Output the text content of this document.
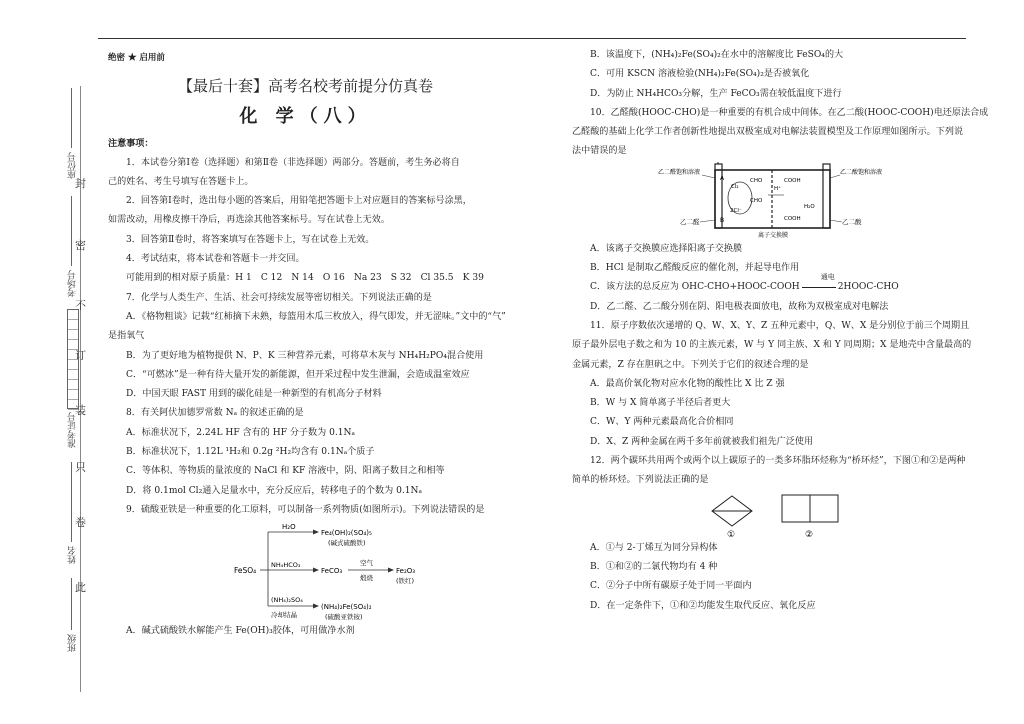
封
密
不
订
装
只
卷
此
座位号
考场号
准考证号
姓名
班级

绝密 ★ 启用前

【最后十套】高考名校考前提分仿真卷

化 学（八）

注意事项：

1．本试卷分第Ⅰ卷（选择题）和第Ⅱ卷（非选择题）两部分。答题前，考生务必将自

己的姓名、考生号填写在答题卡上。

2．回答第Ⅰ卷时，选出每小题的答案后，用铅笔把答题卡上对应题目的答案标号涂黑，

如需改动，用橡皮擦干净后，再选涂其他答案标号。写在试卷上无效。

3．回答第Ⅱ卷时，将答案填写在答题卡上，写在试卷上无效。

4．考试结束，将本试卷和答题卡一并交回。

可能用到的相对原子质量：H 1　C 12　N 14　O 16　Na 23　S 32　Cl 35.5　K 39

7．化学与人类生产、生活、社会可持续发展等密切相关。下列说法正确的是

A．《格物粗谈》记载“红柿摘下未熟，每篮用木瓜三枚放入，得气即发，并无涩味。”文中的“气”

是指氧气

B．为了更好地为植物提供 N、P、K 三种营养元素，可将草木灰与 NH₄H₂PO₄混合使用

C．“可燃冰”是一种有待大量开发的新能源，但开采过程中发生泄漏，会造成温室效应

D．中国天眼 FAST 用到的碳化硅是一种新型的有机高分子材料

8．有关阿伏加德罗常数 Nₐ 的叙述正确的是

A．标准状况下，2.24L HF 含有的 HF 分子数为 0.1Nₐ

B．标准状况下，1.12L ¹H₂和 0.2g ²H₂均含有 0.1Nₐ个质子

C．等体积、等物质的量浓度的 NaCl 和 KF 溶液中，阴、阳离子数目之和相等

D．将 0.1mol Cl₂通入足量水中，充分反应后，转移电子的个数为 0.1Nₐ

9．硫酸亚铁是一种重要的化工原料，可以制备一系列物质(如图所示)。下列说法错误的是

FeSO₄
H₂O
Fe₄(OH)₂(SO₄)₅
(碱式硫酸铁)
NH₄HCO₃
FeCO₃
空气
煅烧
Fe₂O₃
(铁红)
(NH₄)₂SO₄
冷却结晶
(NH₄)₂Fe(SO₄)₂
(硫酸亚铁铵)

A．碱式硫酸铁水解能产生 Fe(OH)₃胶体，可用做净水剂

B．该温度下，(NH₄)₂Fe(SO₄)₂在水中的溶解度比 FeSO₄的大

C．可用 KSCN 溶液检验(NH₄)₂Fe(SO₄)₂是否被氧化

D．为防止 NH₄HCO₃分解，生产 FeCO₃需在较低温度下进行

10．乙醛酸(HOOC-CHO)是一种重要的有机合成中间体。在乙二酸(HOOC-COOH)电还原法合成

乙醛酸的基础上化学工作者创新性地提出双极室成对电解法装置模型及工作原理如图所示。下列说

法中错误的是

A
B
Cl₂
2Cl⁻
CHO
CHO
H⁺
COOH
COOH
H₂O
离子交换膜
乙二醛饱和溶液
乙二醛
乙二酸饱和溶液
乙二酸

A．该离子交换膜应选择阳离子交换膜

B．HCl 是制取乙醛酸反应的催化剂，并起导电作用

C．该方法的总反应为 OHC-CHO+HOOC-COOH
通电
2HOOC-CHO

D．乙二醛、乙二酸分别在阴、阳电极表面放电，故称为双极室成对电解法

11．原子序数依次递增的 Q、W、X、Y、Z 五种元素中，Q、W、X 是分别位于前三个周期且

原子最外层电子数之和为 10 的主族元素，W 与 Y 同主族、X 和 Y 同周期；X 是地壳中含量最高的

金属元素，Z 存在胆矾之中。下列关于它们的叙述合理的是

A．最高价氧化物对应水化物的酸性比 X 比 Z 强

B．W 与 X 简单离子半径后者更大

C．W、Y 两种元素最高化合价相同

D．X、Z 两种金属在两千多年前就被我们祖先广泛使用

12．两个碳环共用两个或两个以上碳原子的一类多环脂环烃称为“桥环烃”，下图①和②是两种

简单的桥环烃。下列说法正确的是

①	②

A．①与 2-丁烯互为同分异构体

B．①和②的二氯代物均有 4 种

C．②分子中所有碳原子处于同一平面内

D．在一定条件下，①和②均能发生取代反应、氧化反应
